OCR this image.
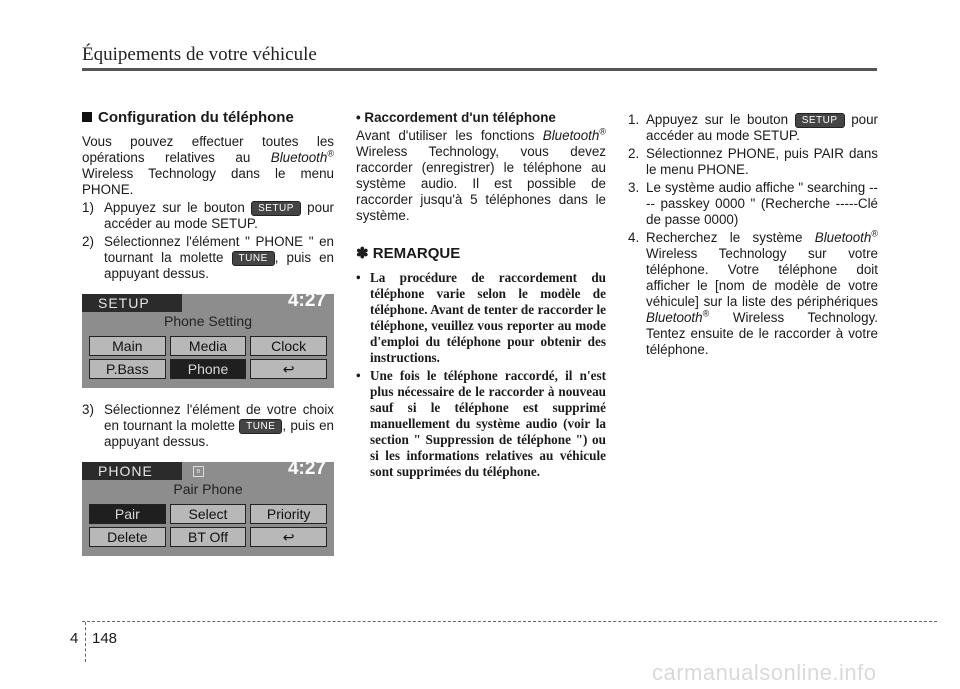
Équipements de votre véhicule
Configuration du téléphone

Vous pouvez effectuer toutes les opérations relatives au Bluetooth® Wireless Technology dans le menu PHONE.

1) Appuyez sur le bouton SETUP pour accéder au mode SETUP.
2) Sélectionnez l'élément " PHONE " en tournant la molette TUNE , puis en appuyant dessus.
SETUP	4:27
Phone Setting
Main	Media	Clock
P.Bass	Phone	↩
3) Sélectionnez l'élément de votre choix en tournant la molette TUNE , puis en appuyant dessus.
PHONE	ʙ	4:27
Pair Phone
Pair	Select	Priority
Delete	BT Off	↩
• Raccordement d'un téléphone

Avant d'utiliser les fonctions Bluetooth® Wireless Technology, vous devez raccorder (enregistrer) le téléphone au système audio. Il est possible de raccorder jusqu'à 5 téléphones dans le système.

✽ REMARQUE
• La procédure de raccordement du téléphone varie selon le modèle de téléphone. Avant de tenter de raccorder le téléphone, veuillez vous reporter au mode d'emploi du téléphone pour obtenir des instructions.
• Une fois le téléphone raccordé, il n'est plus nécessaire de le raccorder à nouveau sauf si le téléphone est supprimé manuellement du système audio (voir la section " Suppression de téléphone ") ou si les informations relatives au véhicule sont supprimées du téléphone.
1. Appuyez sur le bouton SETUP pour accéder au mode SETUP.
2. Sélectionnez PHONE, puis PAIR dans le menu PHONE.
3. Le système audio affiche " searching ---- passkey 0000 " (Recherche -----Clé de passe 0000)
4. Recherchez le système Bluetooth® Wireless Technology sur votre téléphone. Votre téléphone doit afficher le [nom de modèle de votre véhicule] sur la liste des périphériques Bluetooth® Wireless Technology. Tentez ensuite de le raccorder à votre téléphone.
4 148
carmanualsonline.info
